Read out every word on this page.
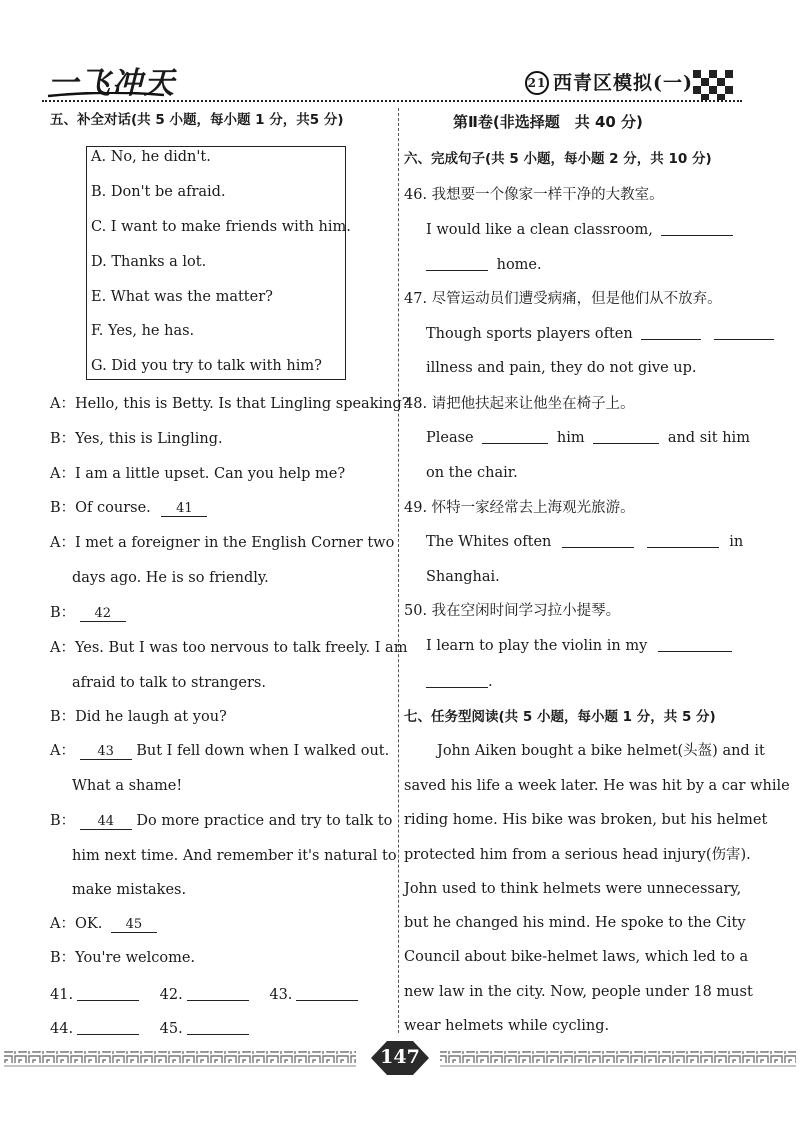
一飞冲天	21 西青区模拟(一)
五、补全对话(共 5 小题，每小题 1 分，共5 分)
A. No, he didn't.
B. Don't be afraid.
C. I want to make friends with him.
D. Thanks a lot.
E. What was the matter?
F. Yes, he has.
G. Did you try to talk with him?
A：Hello, this is Betty. Is that Lingling speaking?
B：Yes, this is Lingling.
A：I am a little upset. Can you help me?
B：Of course. 41
A：I met a foreigner in the English Corner two
days ago. He is so friendly.
B： 42
A：Yes. But I was too nervous to talk freely. I am
afraid to talk to strangers.
B：Did he laugh at you?
A： 43 But I fell down when I walked out.
What a shame!
B： 44 Do more practice and try to talk to
him next time. And remember it's natural to
make mistakes.
A：OK. 45
B：You're welcome.
41.	42.	43.
44.	45.
第Ⅱ卷(非选择题　共 40 分)
六、完成句子(共 5 小题，每小题 2 分，共 10 分)
46. 我想要一个像家一样干净的大教室。
I would like a clean classroom,
home.
47. 尽管运动员们遭受病痛，但是他们从不放弃。
Though sports players often
illness and pain, they do not give up.
48. 请把他扶起来让他坐在椅子上。
Please	him	and sit him
on the chair.
49. 怀特一家经常去上海观光旅游。
The Whites often	in
Shanghai.
50. 我在空闲时间学习拉小提琴。
I learn to play the violin in my
.
七、任务型阅读(共 5 小题，每小题 1 分，共 5 分)
John Aiken bought a bike helmet(头盔) and it
saved his life a week later. He was hit by a car while
riding home. His bike was broken, but his helmet
protected him from a serious head injury(伤害).
John used to think helmets were unnecessary,
but he changed his mind. He spoke to the City
Council about bike-helmet laws, which led to a
new law in the city. Now, people under 18 must
wear helmets while cycling.
147
